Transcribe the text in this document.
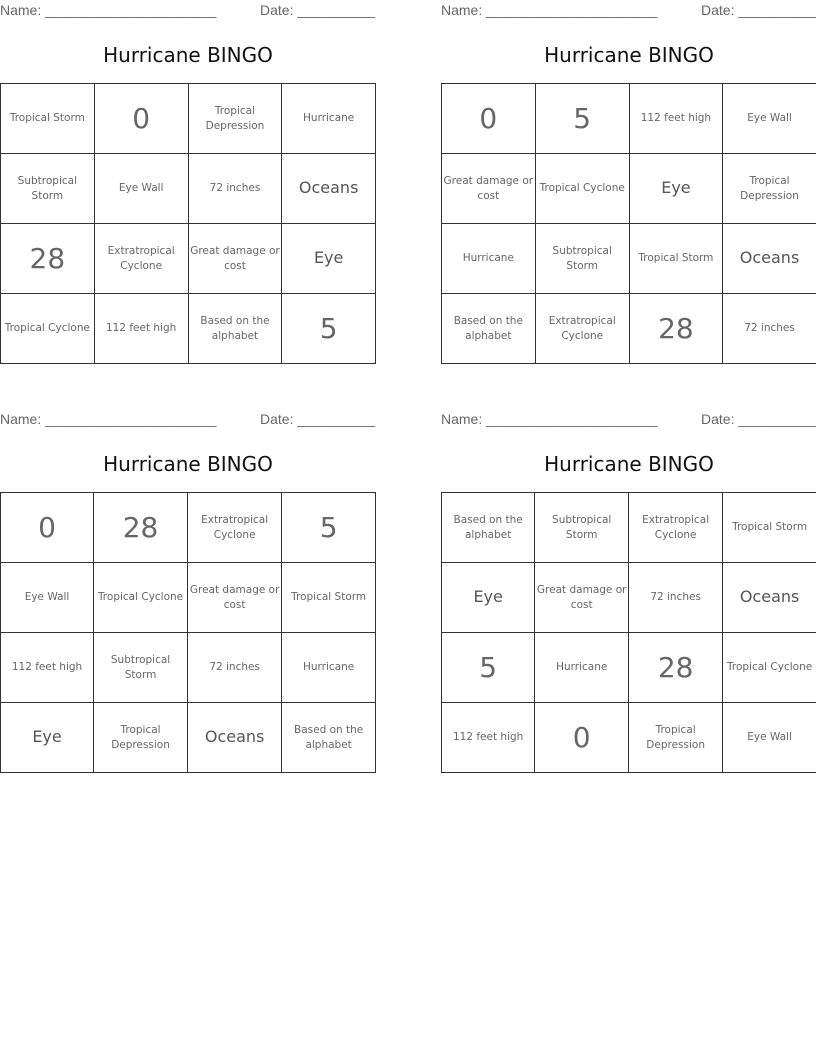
Name: ______________________	Date: __________
Hurricane BINGO
Tropical Storm	0	Tropical Depression	Hurricane
Subtropical Storm	Eye Wall	72 inches	Oceans
28	Extratropical Cyclone	Great damage or cost	Eye
Tropical Cyclone	112 feet high	Based on the alphabet	5
Name: ______________________	Date: __________
Hurricane BINGO
0	5	112 feet high	Eye Wall
Great damage or cost	Tropical Cyclone	Eye	Tropical Depression
Hurricane	Subtropical Storm	Tropical Storm	Oceans
Based on the alphabet	Extratropical Cyclone	28	72 inches
Name: ______________________	Date: __________
Hurricane BINGO
0	28	Extratropical Cyclone	5
Eye Wall	Tropical Cyclone	Great damage or cost	Tropical Storm
112 feet high	Subtropical Storm	72 inches	Hurricane
Eye	Tropical Depression	Oceans	Based on the alphabet
Name: ______________________	Date: __________
Hurricane BINGO
Based on the alphabet	Subtropical Storm	Extratropical Cyclone	Tropical Storm
Eye	Great damage or cost	72 inches	Oceans
5	Hurricane	28	Tropical Cyclone
112 feet high	0	Tropical Depression	Eye Wall
